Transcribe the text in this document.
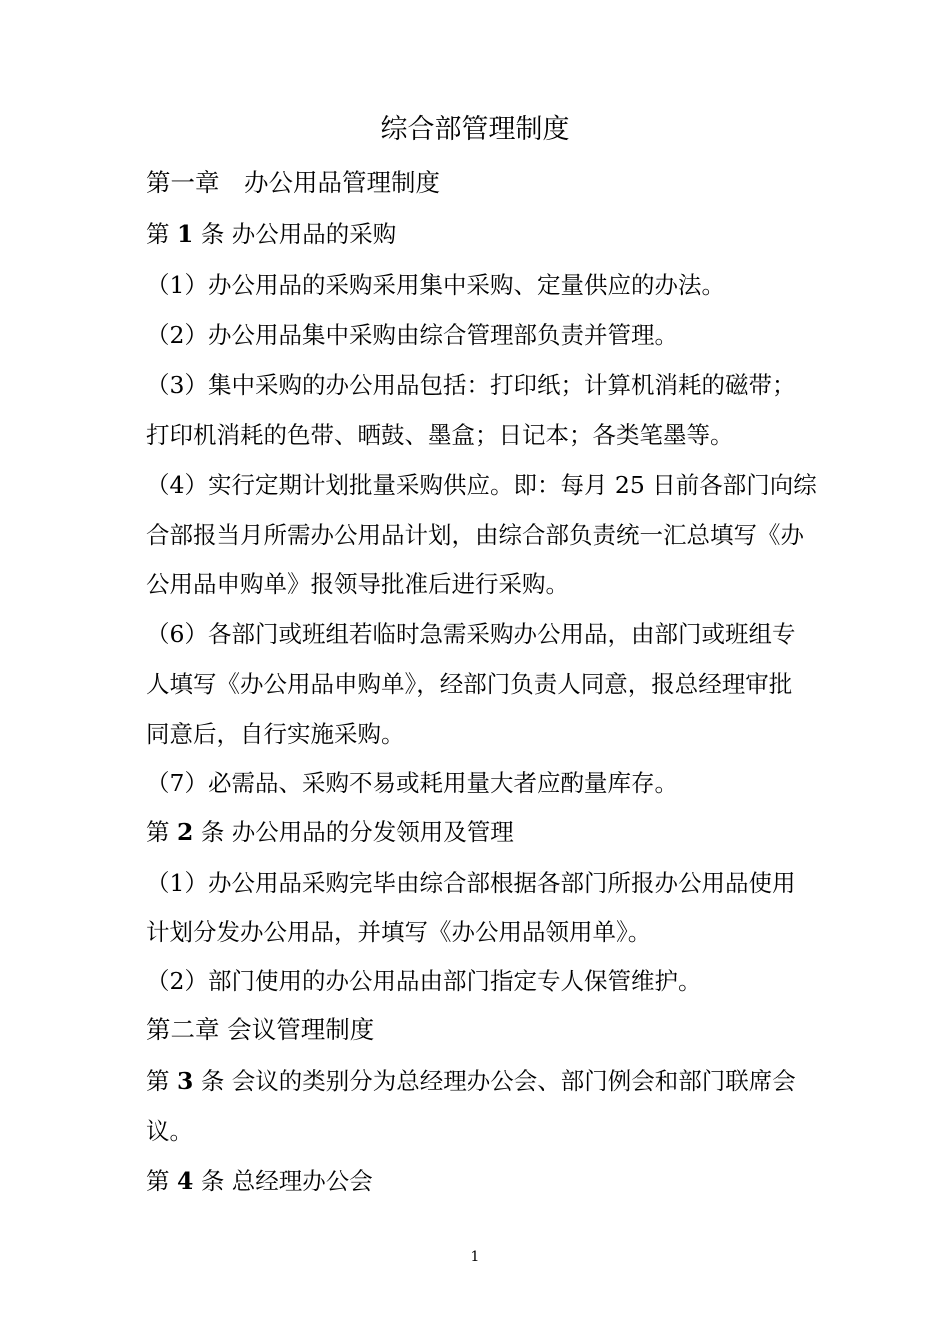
综合部管理制度

第一章　办公用品管理制度

第 1 条 办公用品的采购

（1）办公用品的采购采用集中采购、定量供应的办法。

（2）办公用品集中采购由综合管理部负责并管理。

（3）集中采购的办公用品包括：打印纸；计算机消耗的磁带；

打印机消耗的色带、晒鼓、墨盒；日记本；各类笔墨等。

（4）实行定期计划批量采购供应。即：每月 25 日前各部门向综

合部报当月所需办公用品计划，由综合部负责统一汇总填写《办

公用品申购单》报领导批准后进行采购。

（6）各部门或班组若临时急需采购办公用品，由部门或班组专

人填写《办公用品申购单》，经部门负责人同意，报总经理审批

同意后，自行实施采购。

（7）必需品、采购不易或耗用量大者应酌量库存。

第 2 条 办公用品的分发领用及管理

（1）办公用品采购完毕由综合部根据各部门所报办公用品使用

计划分发办公用品，并填写《办公用品领用单》。

（2）部门使用的办公用品由部门指定专人保管维护。

第二章 会议管理制度

第 3 条 会议的类别分为总经理办公会、部门例会和部门联席会

议。

第 4 条 总经理办公会

1
